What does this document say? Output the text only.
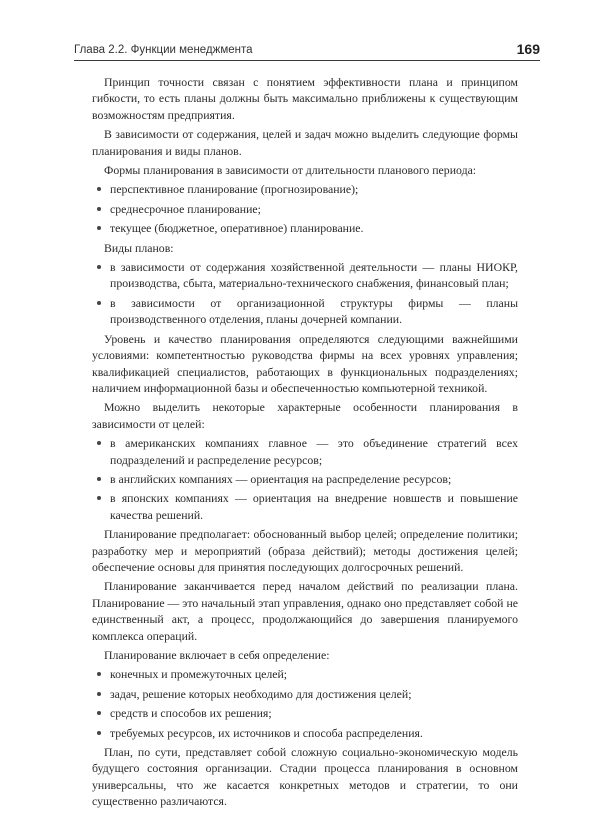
Глава 2.2. Функции менеджмента	169
Принцип точности связан с понятием эффективности плана и принципом гибкости, то есть планы должны быть максимально приближены к существующим возможностям предприятия.
В зависимости от содержания, целей и задач можно выделить следующие формы планирования и виды планов.
Формы планирования в зависимости от длительности планового периода:
перспективное планирование (прогнозирование);
среднесрочное планирование;
текущее (бюджетное, оперативное) планирование.
Виды планов:
в зависимости от содержания хозяйственной деятельности — планы НИОКР, производства, сбыта, материально-технического снабжения, финансовый план;
в зависимости от организационной структуры фирмы — планы производственного отделения, планы дочерней компании.
Уровень и качество планирования определяются следующими важнейшими условиями: компетентностью руководства фирмы на всех уровнях управления; квалификацией специалистов, работающих в функциональных подразделениях; наличием информационной базы и обеспеченностью компьютерной техникой.
Можно выделить некоторые характерные особенности планирования в зависимости от целей:
в американских компаниях главное — это объединение стратегий всех подразделений и распределение ресурсов;
в английских компаниях — ориентация на распределение ресурсов;
в японских компаниях — ориентация на внедрение новшеств и повышение качества решений.
Планирование предполагает: обоснованный выбор целей; определение политики; разработку мер и мероприятий (образа действий); методы достижения целей; обеспечение основы для принятия последующих долгосрочных решений.
Планирование заканчивается перед началом действий по реализации плана. Планирование — это начальный этап управления, однако оно представляет собой не единственный акт, а процесс, продолжающийся до завершения планируемого комплекса операций.
Планирование включает в себя определение:
конечных и промежуточных целей;
задач, решение которых необходимо для достижения целей;
средств и способов их решения;
требуемых ресурсов, их источников и способа распределения.
План, по сути, представляет собой сложную социально-экономическую модель будущего состояния организации. Стадии процесса планирования в основном универсальны, что же касается конкретных методов и стратегии, то они существенно различаются.
